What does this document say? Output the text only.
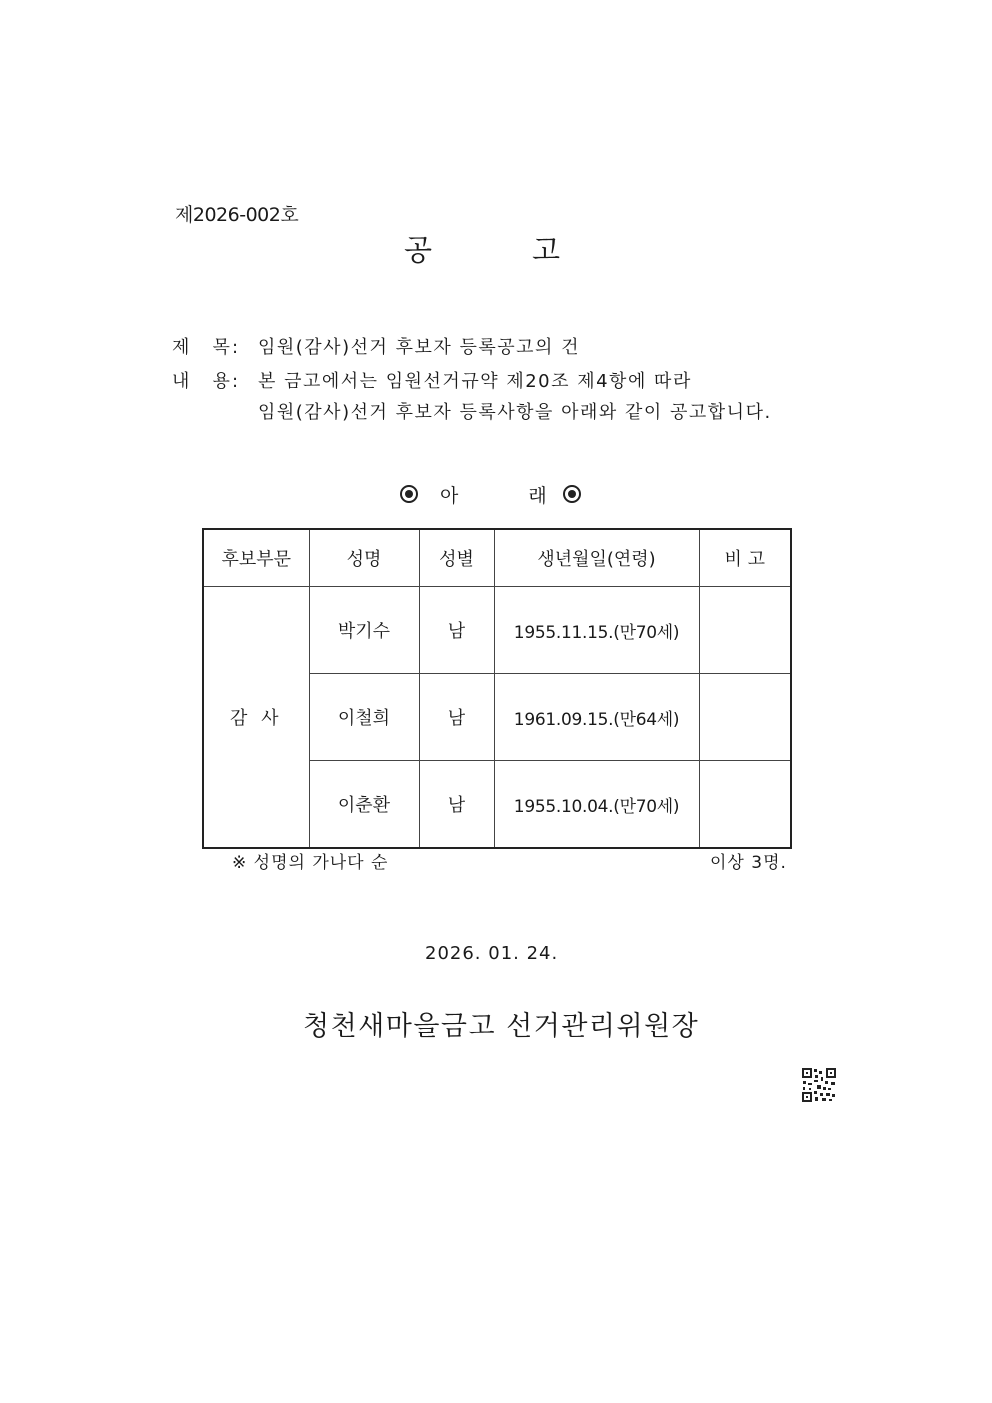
제2026-002호
공	고
제   목: 임원(감사)선거 후보자 등록공고의 건
내   용: 본 금고에서는 임원선거규약 제20조 제4항에 따라
임원(감사)선거 후보자 등록사항을 아래와 같이 공고합니다.
아	래
후보부문	성명	성별	생년월일(연령)	비 고
감 사	박기수	남	1955.11.15.(만70세)	
	이철희	남	1961.09.15.(만64세)	
	이춘환	남	1955.10.04.(만70세)	
※ 성명의 가나다 순	이상 3명.
2026. 01. 24.
청천새마을금고 선거관리위원장
